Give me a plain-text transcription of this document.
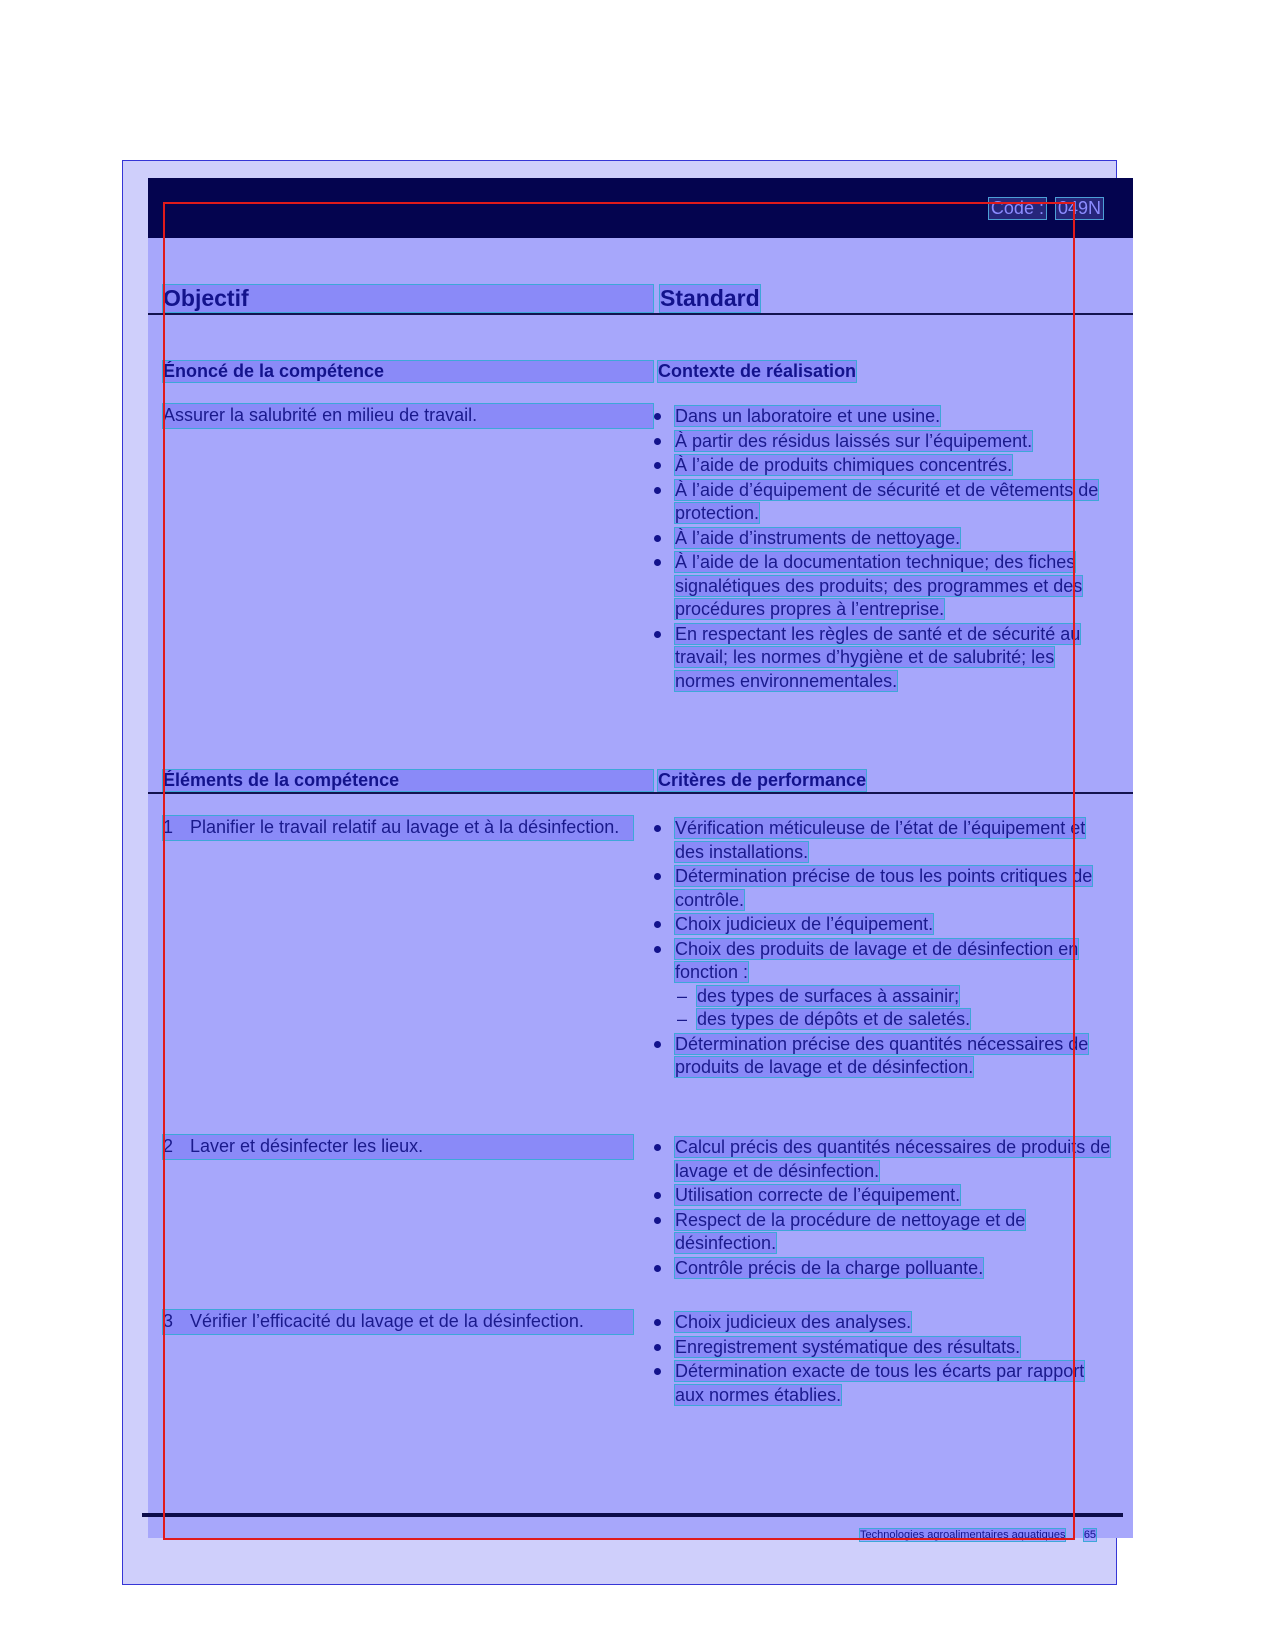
Code : 049N
Objectif	Standard
Énoncé de la compétence	Contexte de réalisation
Assurer la salubrité en milieu de travail.	Dans un laboratoire et une usine.
À partir des résidus laissés sur l’équipement.
À l’aide de produits chimiques concentrés.
À l’aide d’équipement de sécurité et de vêtements de protection.
À l’aide d’instruments de nettoyage.
À l’aide de la documentation technique; des fiches signalétiques des produits; des programmes et des procédures propres à l’entreprise.
En respectant les règles de santé et de sécurité au travail; les normes d’hygiène et de salubrité; les normes environnementales.
Éléments de la compétence	Critères de performance
1 Planifier le travail relatif au lavage et à la désinfection.	Vérification méticuleuse de l’état de l’équipement et des installations.
Détermination précise de tous les points critiques de contrôle.
Choix judicieux de l’équipement.
Choix des produits de lavage et de désinfection en fonction :
– des types de surfaces à assainir;
– des types de dépôts et de saletés.
Détermination précise des quantités nécessaires de produits de lavage et de désinfection.
2 Laver et désinfecter les lieux.	Calcul précis des quantités nécessaires de produits de lavage et de désinfection.
Utilisation correcte de l’équipement.
Respect de la procédure de nettoyage et de désinfection.
Contrôle précis de la charge polluante.
3 Vérifier l’efficacité du lavage et de la désinfection.	Choix judicieux des analyses.
Enregistrement systématique des résultats.
Détermination exacte de tous les écarts par rapport aux normes établies.
Technologies agroalimentaires aquatiques 65
